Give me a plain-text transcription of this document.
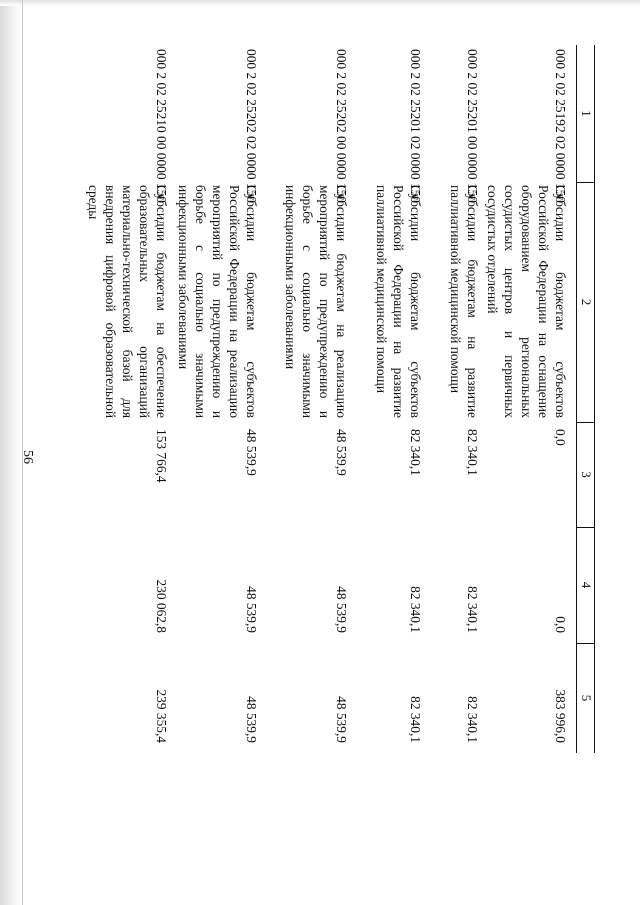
56
1
2
3
4
5
000 2 02 25192 02 0000 150
Субсидии бюджетам субъектов Российской Федерации на оснащение оборудованием региональных сосудистых центров и первичных сосудистых отделений
0,0
0,0
383 996,0
000 2 02 25201 00 0000 150
Субсидии бюджетам на развитие паллиативной медицинской помощи
82 340,1
82 340,1
82 340,1
000 2 02 25201 02 0000 150
Субсидии бюджетам субъектов Российской Федерации на развитие паллиативной медицинской помощи
82 340,1
82 340,1
82 340,1
000 2 02 25202 00 0000 150
Субсидии бюджетам на реализацию мероприятий по предупреждению и борьбе с социально значимыми инфекционными заболеваниями
48 539,9
48 539,9
48 539,9
000 2 02 25202 02 0000 150
Субсидии бюджетам субъектов Российской Федерации на реализацию мероприятий по предупреждению и борьбе с социально значимыми инфекционными заболеваниями
48 539,9
48 539,9
48 539,9
000 2 02 25210 00 0000 150
Субсидии бюджетам на обеспечение образовательных организаций материально-технической базой для внедрения цифровой образовательной среды
153 766,4
230 062,8
239 355,4
